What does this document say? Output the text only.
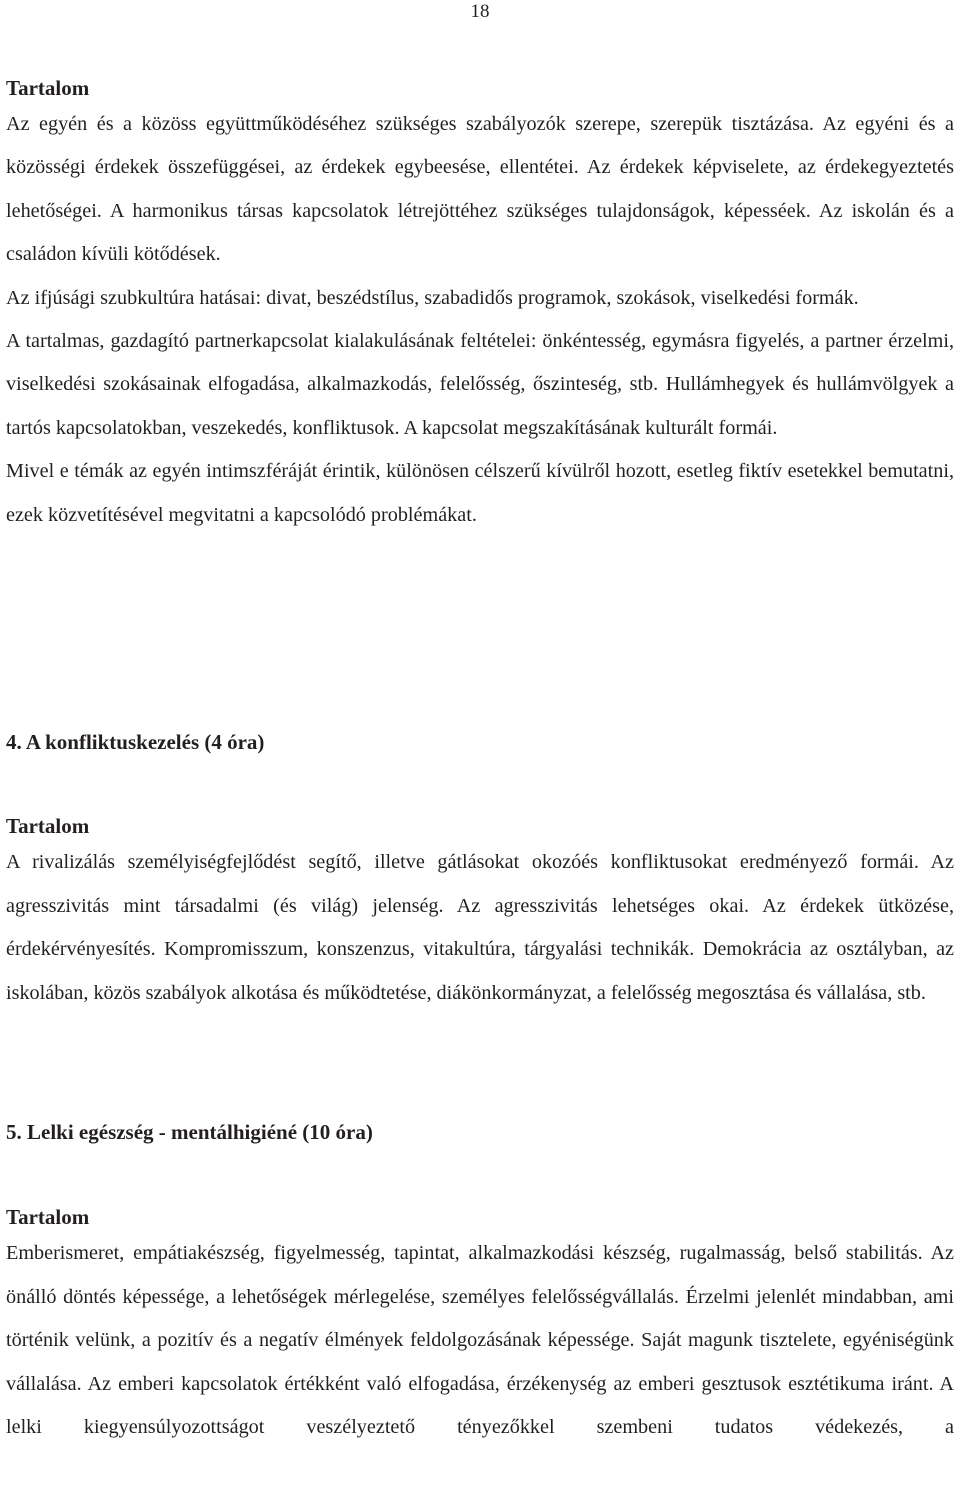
18

Tartalom

Az egyén és a közöss együttműködéséhez szükséges szabályozók szerepe, szerepük tisztázása. Az egyéni és a közösségi érdekek összefüggései, az érdekek egybeesése, ellentétei. Az érdekek képviselete, az érdekegyeztetés lehetőségei. A harmonikus társas kapcsolatok létrejöttéhez szükséges tulajdonságok, képesséek. Az iskolán és a családon kívüli kötődések.

Az ifjúsági szubkultúra hatásai: divat, beszédstílus, szabadidős programok, szokások, viselkedési formák.

A tartalmas, gazdagító partnerkapcsolat kialakulásának feltételei: önkéntesség, egymásra figyelés, a partner érzelmi, viselkedési szokásainak elfogadása, alkalmazkodás, felelősség, őszinteség, stb. Hullámhegyek és hullámvölgyek a tartós kapcsolatokban, veszekedés, konfliktusok. A kapcsolat megszakításának kulturált formái.

Mivel e témák az egyén intimszféráját érintik, különösen célszerű kívülről hozott, esetleg fiktív esetekkel bemutatni, ezek közvetítésével megvitatni a kapcsolódó problémákat.

4. A konfliktuskezelés (4 óra)

Tartalom

A rivalizálás személyiségfejlődést segítő, illetve gátlásokat okozóés konfliktusokat eredményező formái. Az agresszivitás mint társadalmi (és világ) jelenség. Az agresszivitás lehetséges okai. Az érdekek ütközése, érdekérvényesítés. Kompromisszum, konszenzus, vitakultúra, tárgyalási technikák. Demokrácia az osztályban, az iskolában, közös szabályok alkotása és működtetése, diákönkormányzat, a felelősség megosztása és vállalása, stb.

5. Lelki egészség - mentálhigiéné (10 óra)

Tartalom

Emberismeret, empátiakészség, figyelmesség, tapintat, alkalmazkodási készség, rugalmasság, belső stabilitás. Az önálló döntés képessége, a lehetőségek mérlegelése, személyes felelősségvállalás. Érzelmi jelenlét mindabban, ami történik velünk, a pozitív és a negatív élmények feldolgozásának képessége. Saját magunk tisztelete, egyéniségünk vállalása. Az emberi kapcsolatok értékként való elfogadása, érzékenység az emberi gesztusok esztétikuma iránt. A lelki kiegyensúlyozottságot veszélyeztető tényezőkkel szembeni tudatos védekezés, a
